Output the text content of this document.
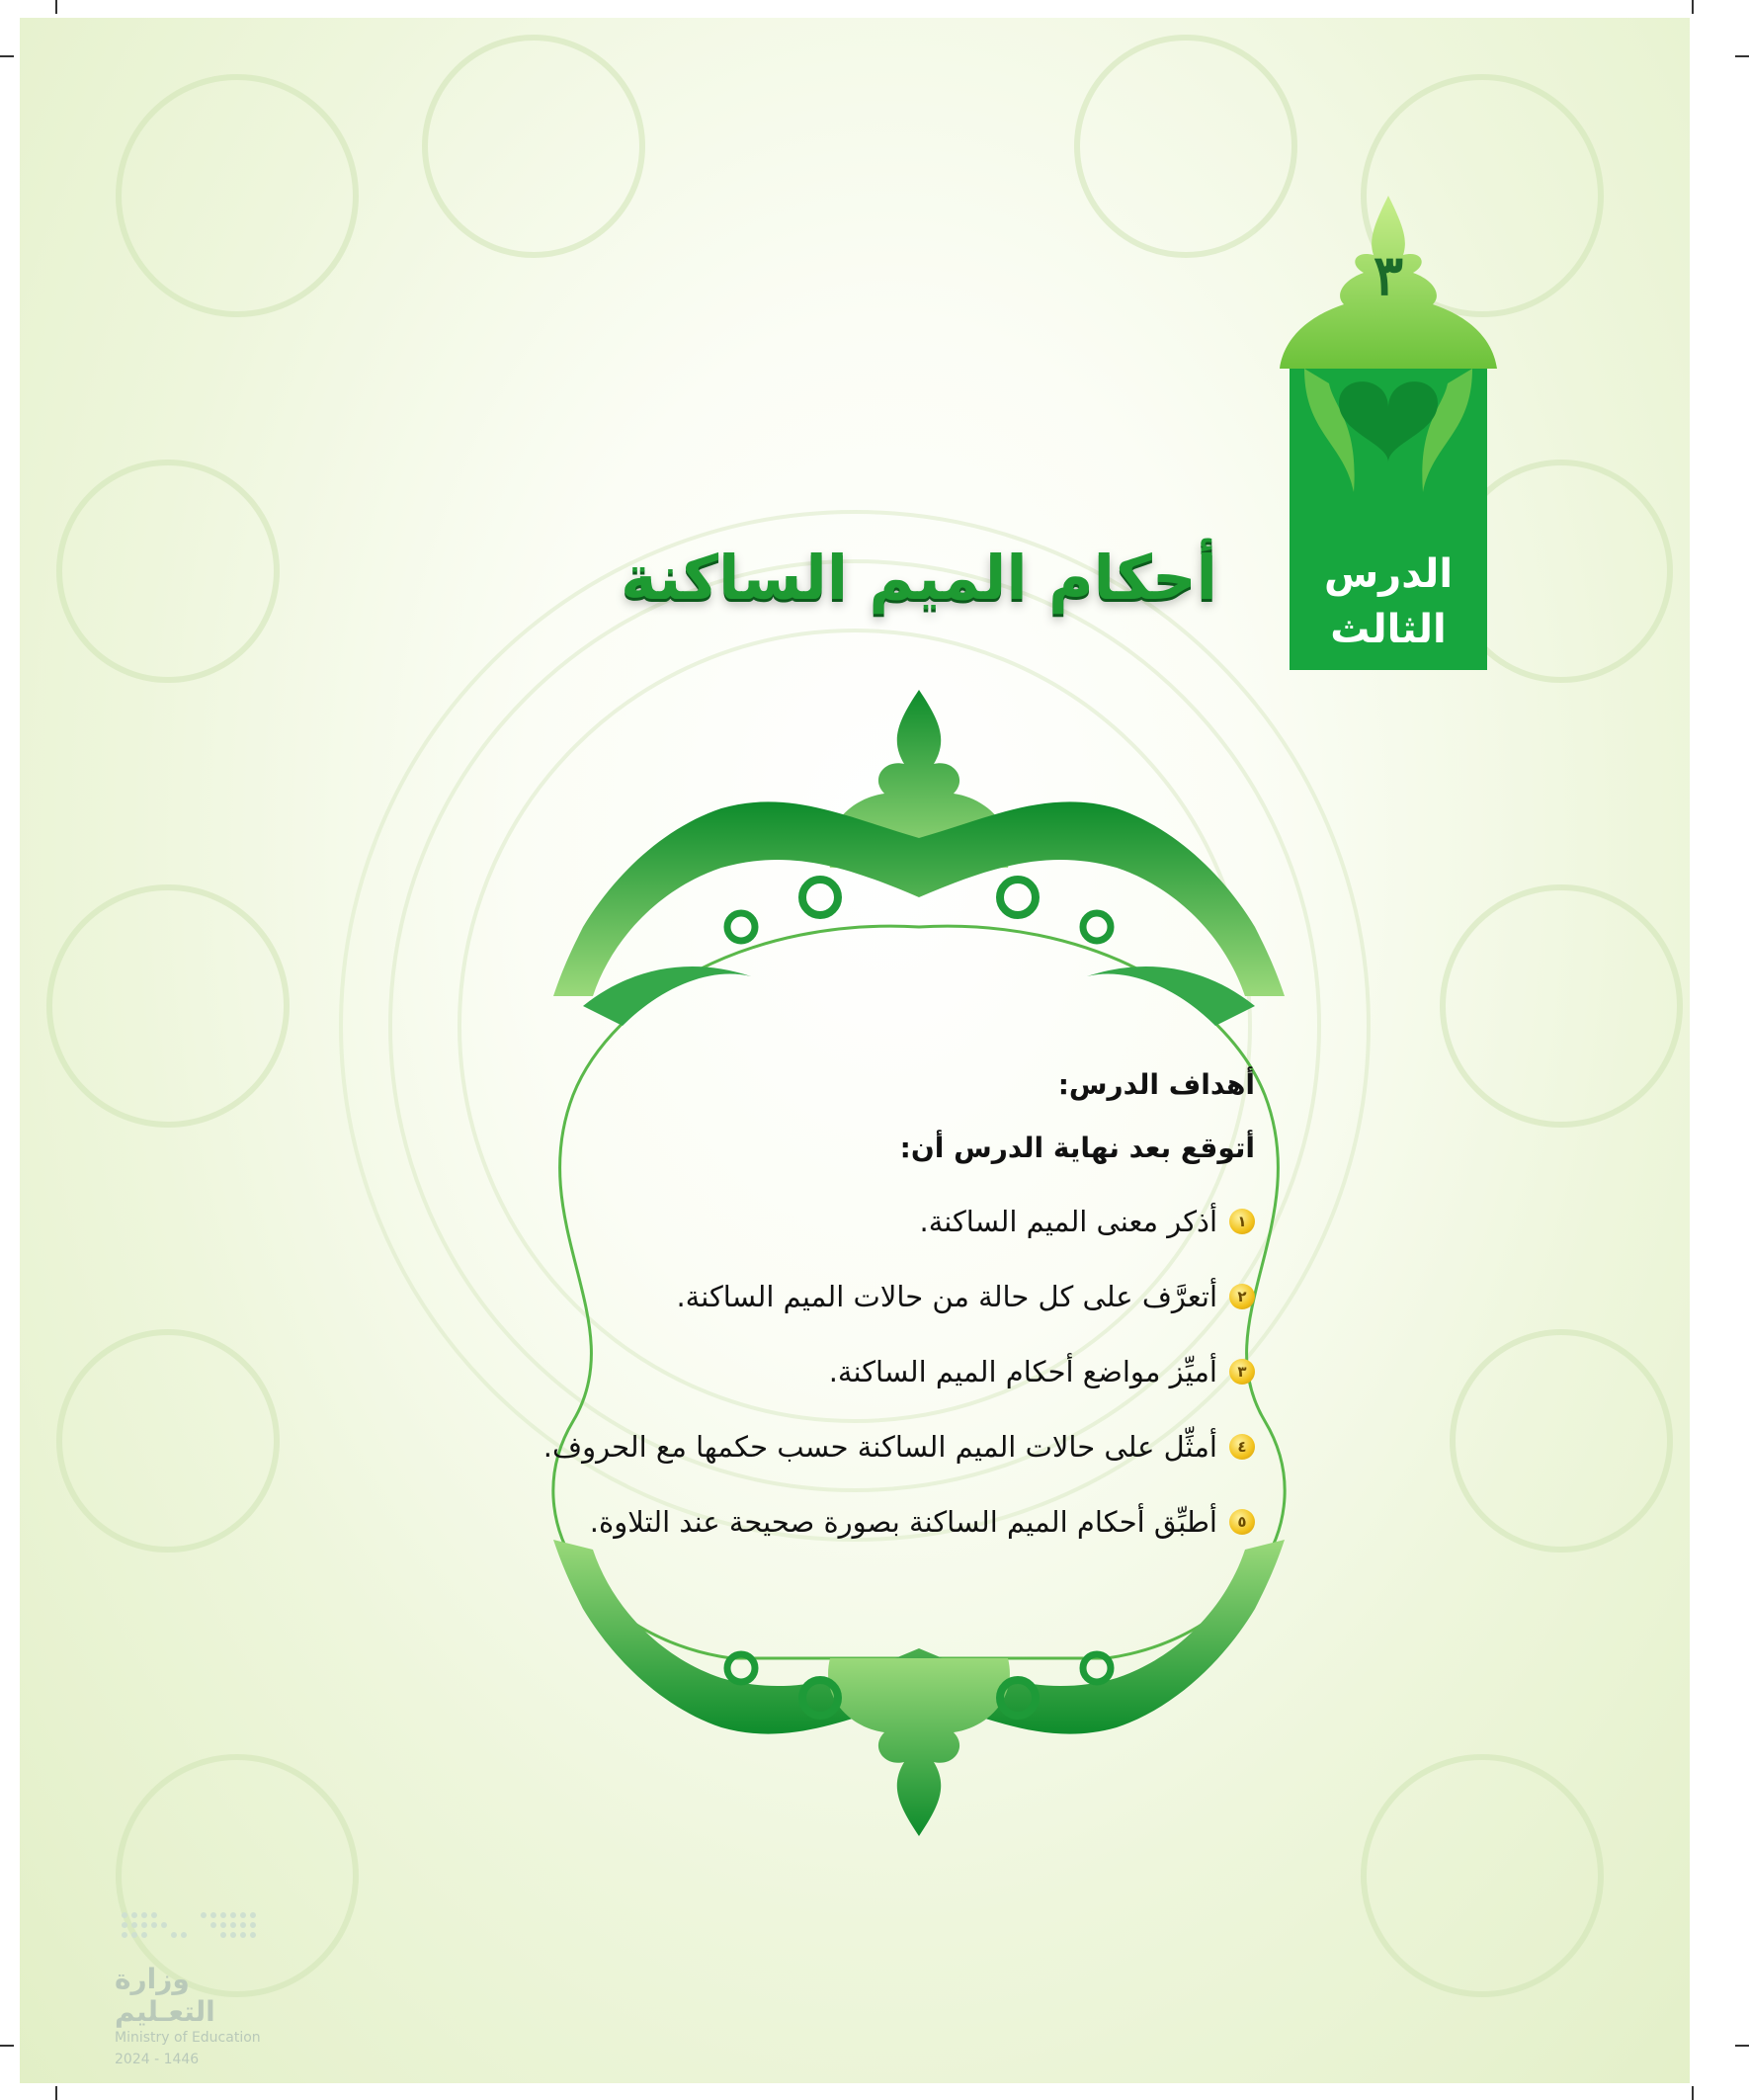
٣
الدرس
الثالث
أحكام الميم الساكنة
أهداف الدرس:
أتوقع بعد نهاية الدرس أن:
١
أذكر معنى الميم الساكنة.
٢
أتعرَّف على كل حالة من حالات الميم الساكنة.
٣
أميِّز مواضع أحكام الميم الساكنة.
٤
أمثِّل على حالات الميم الساكنة حسب حكمها مع الحروف.
٥
أطبِّق أحكام الميم الساكنة بصورة صحيحة عند التلاوة.
وزارة التعـليم
Ministry of Education
2024 - 1446
